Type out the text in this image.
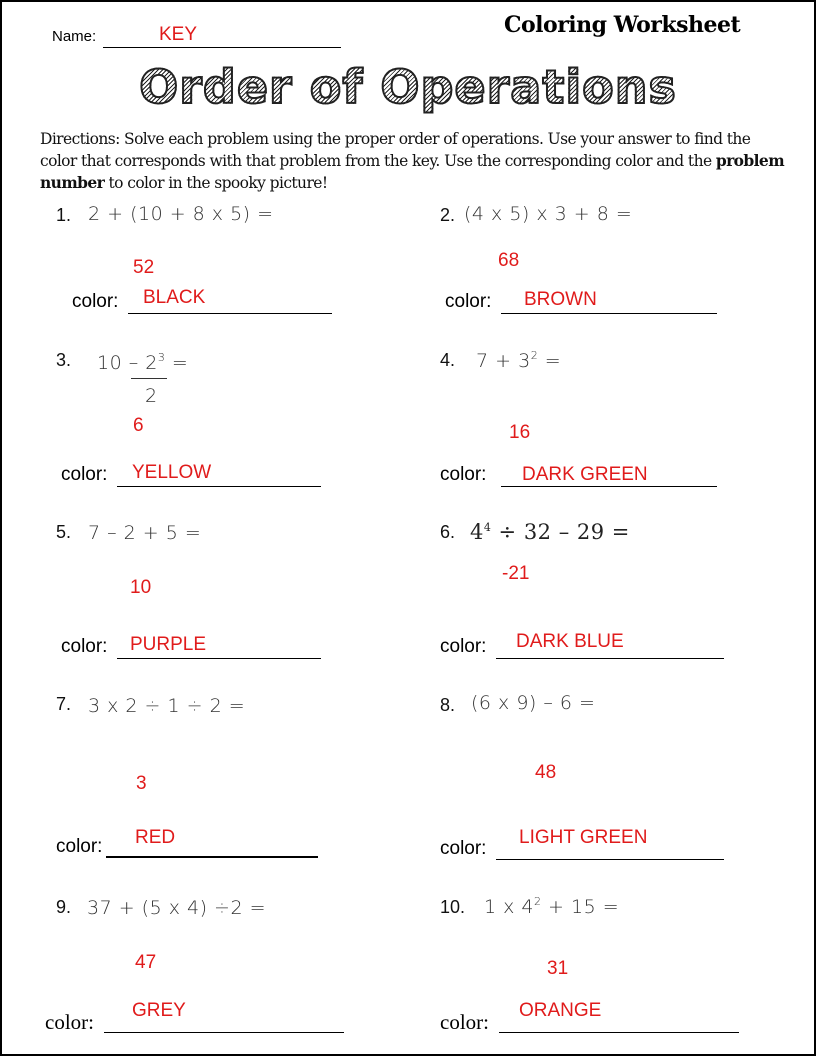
Name:	KEY	Coloring Worksheet
Order of Operations
Directions: Solve each problem using the proper order of operations. Use your answer to find the color that corresponds with that problem from the key. Use the corresponding color and the problem number to color in the spooky picture!
1. 2 + (10 + 8 x 5) =
52
color: BLACK
2. (4 x 5) x 3 + 8 =
68
color: BROWN
3. $10 - 2^3$ =
2
6
color: YELLOW
4. $7 + 3^2$ =
16
color: DARK GREEN
5. 7 – 2 + 5 =
10
color: PURPLE
6. $4^4 \div 32 - 29$ =
-21
color: DARK BLUE
7. 3 x 2 ÷ 1 ÷ 2 =
3
color: RED
8. (6 x 9) – 6 =
48
color:
LIGHT GREEN
9. 37 + (5 x 4) ÷2 =
47
color: GREY
10. 1 x $4^2 + 15$ =
31
color: ORANGE
